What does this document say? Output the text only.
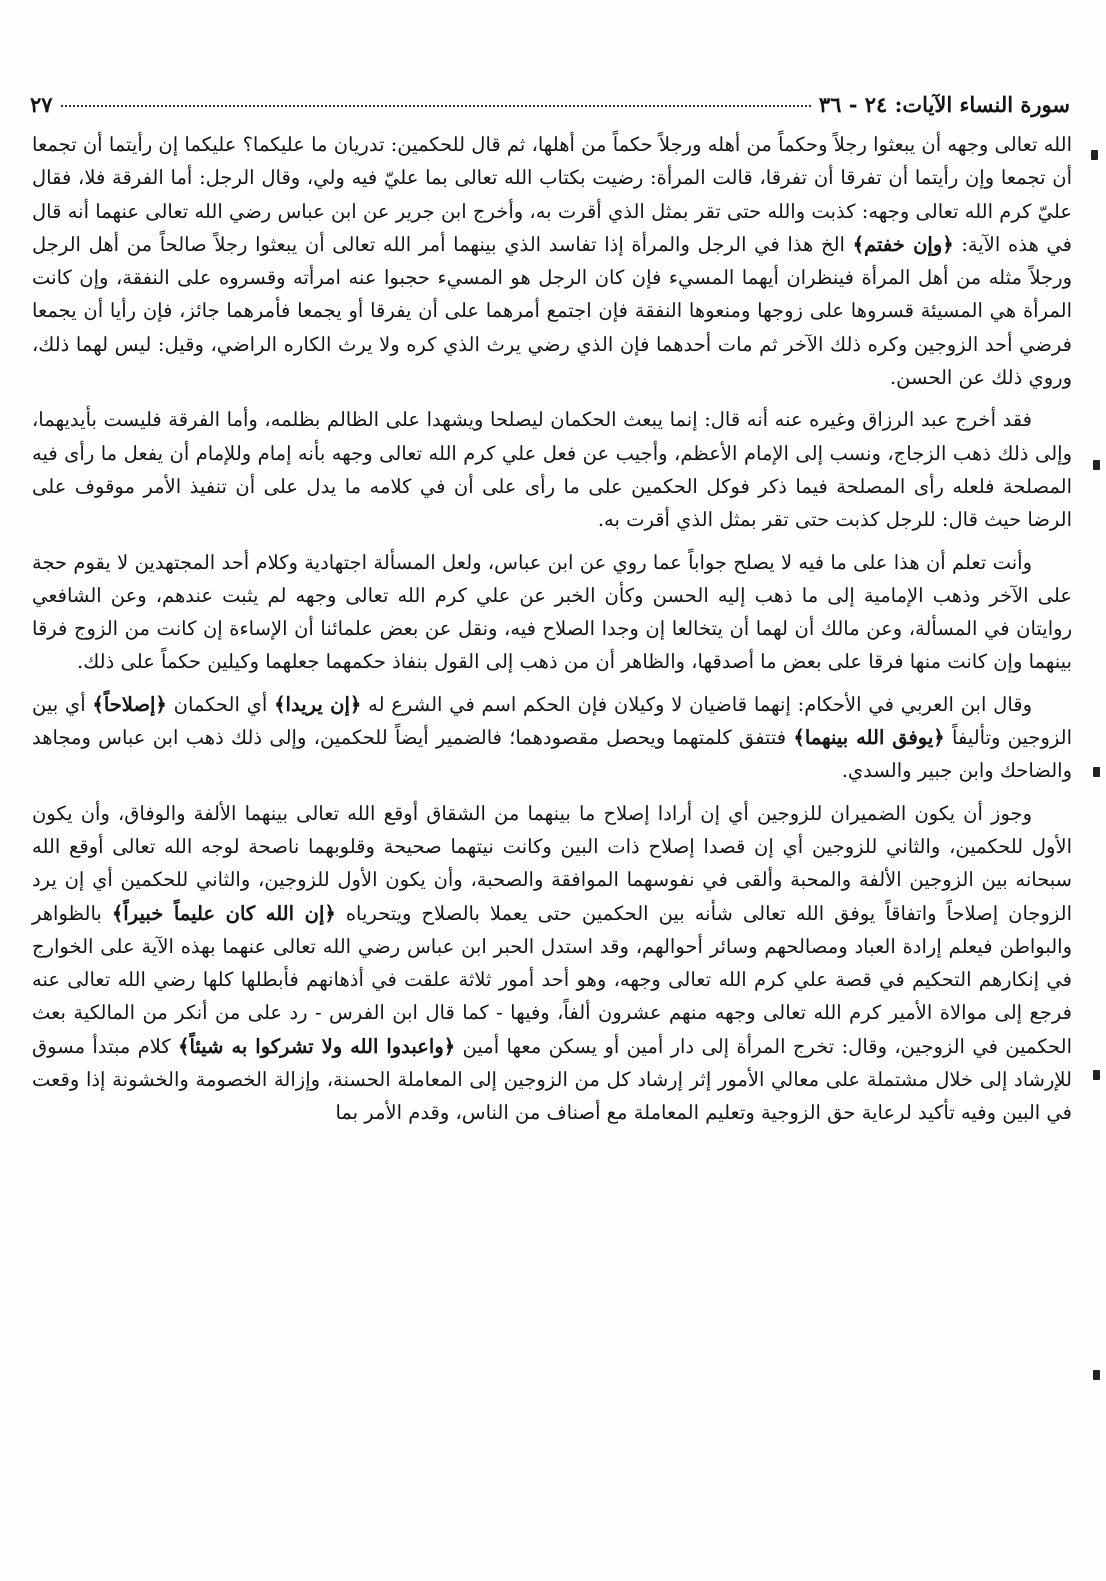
سورة النساء الآيات: ٢٤ - ٣٦
٢٧

الله تعالى وجهه أن يبعثوا رجلاً وحكماً من أهله ورجلاً حكماً من أهلها، ثم قال للحكمين: تدريان ما عليكما؟ عليكما إن رأيتما أن تجمعا أن تجمعا وإن رأيتما أن تفرقا أن تفرقا، قالت المرأة: رضيت بكتاب الله تعالى بما عليّ فيه ولي، وقال الرجل: أما الفرقة فلا، فقال عليّ كرم الله تعالى وجهه: كذبت والله حتى تقر بمثل الذي أقرت به، وأخرج ابن جرير عن ابن عباس رضي الله تعالى عنهما أنه قال في هذه الآية: ﴿وإن خفتم﴾ الخ هذا في الرجل والمرأة إذا تفاسد الذي بينهما أمر الله تعالى أن يبعثوا رجلاً صالحاً من أهل الرجل ورجلاً مثله من أهل المرأة فينظران أيهما المسيء فإن كان الرجل هو المسيء حجبوا عنه امرأته وقسروه على النفقة، وإن كانت المرأة هي المسيئة قسروها على زوجها ومنعوها النفقة فإن اجتمع أمرهما على أن يفرقا أو يجمعا فأمرهما جائز، فإن رأيا أن يجمعا فرضي أحد الزوجين وكره ذلك الآخر ثم مات أحدهما فإن الذي رضي يرث الذي كره ولا يرث الكاره الراضي، وقيل: ليس لهما ذلك، وروي ذلك عن الحسن.

فقد أخرج عبد الرزاق وغيره عنه أنه قال: إنما يبعث الحكمان ليصلحا ويشهدا على الظالم بظلمه، وأما الفرقة فليست بأيديهما، وإلى ذلك ذهب الزجاج، ونسب إلى الإمام الأعظم، وأجيب عن فعل علي كرم الله تعالى وجهه بأنه إمام وللإمام أن يفعل ما رأى فيه المصلحة فلعله رأى المصلحة فيما ذكر فوكل الحكمين على ما رأى على أن في كلامه ما يدل على أن تنفيذ الأمر موقوف على الرضا حيث قال: للرجل كذبت حتى تقر بمثل الذي أقرت به.

وأنت تعلم أن هذا على ما فيه لا يصلح جواباً عما روي عن ابن عباس، ولعل المسألة اجتهادية وكلام أحد المجتهدين لا يقوم حجة على الآخر وذهب الإمامية إلى ما ذهب إليه الحسن وكأن الخبر عن علي كرم الله تعالى وجهه لم يثبت عندهم، وعن الشافعي روايتان في المسألة، وعن مالك أن لهما أن يتخالعا إن وجدا الصلاح فيه، ونقل عن بعض علمائنا أن الإساءة إن كانت من الزوج فرقا بينهما وإن كانت منها فرقا على بعض ما أصدقها، والظاهر أن من ذهب إلى القول بنفاذ حكمهما جعلهما وكيلين حكماً على ذلك.

وقال ابن العربي في الأحكام: إنهما قاضيان لا وكيلان فإن الحكم اسم في الشرع له ﴿إن يريدا﴾ أي الحكمان ﴿إصلاحاً﴾ أي بين الزوجين وتأليفاً ﴿يوفق الله بينهما﴾ فتتفق كلمتهما ويحصل مقصودهما؛ فالضمير أيضاً للحكمين، وإلى ذلك ذهب ابن عباس ومجاهد والضاحك وابن جبير والسدي.

وجوز أن يكون الضميران للزوجين أي إن أرادا إصلاح ما بينهما من الشقاق أوقع الله تعالى بينهما الألفة والوفاق، وأن يكون الأول للحكمين، والثاني للزوجين أي إن قصدا إصلاح ذات البين وكانت نيتهما صحيحة وقلوبهما ناصحة لوجه الله تعالى أوقع الله سبحانه بين الزوجين الألفة والمحبة وألقى في نفوسهما الموافقة والصحبة، وأن يكون الأول للزوجين، والثاني للحكمين أي إن يرد الزوجان إصلاحاً واتفاقاً يوفق الله تعالى شأنه بين الحكمين حتى يعملا بالصلاح ويتحرياه ﴿إن الله كان عليماً خبيراً﴾ بالظواهر والبواطن فيعلم إرادة العباد ومصالحهم وسائر أحوالهم، وقد استدل الحبر ابن عباس رضي الله تعالى عنهما بهذه الآية على الخوارج في إنكارهم التحكيم في قصة علي كرم الله تعالى وجهه، وهو أحد أمور ثلاثة علقت في أذهانهم فأبطلها كلها رضي الله تعالى عنه فرجع إلى موالاة الأمير كرم الله تعالى وجهه منهم عشرون ألفاً، وفيها - كما قال ابن الفرس - رد على من أنكر من المالكية بعث الحكمين في الزوجين، وقال: تخرج المرأة إلى دار أمين أو يسكن معها أمين ﴿واعبدوا الله ولا تشركوا به شيئاً﴾ كلام مبتدأ مسوق للإرشاد إلى خلال مشتملة على معالي الأمور إثر إرشاد كل من الزوجين إلى المعاملة الحسنة، وإزالة الخصومة والخشونة إذا وقعت في البين وفيه تأكيد لرعاية حق الزوجية وتعليم المعاملة مع أصناف من الناس، وقدم الأمر بما
